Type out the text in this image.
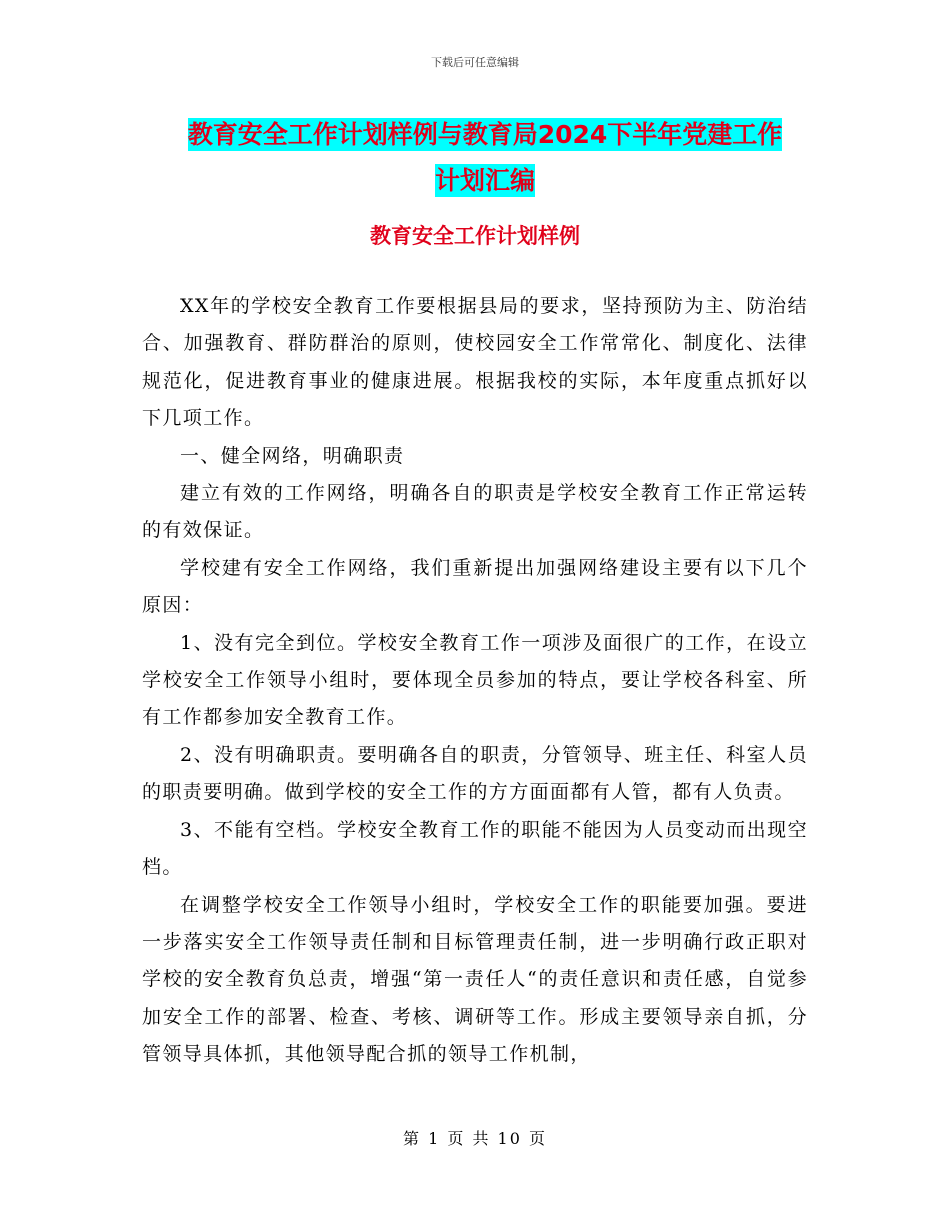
下载后可任意编辑
教育安全工作计划样例与教育局2024下半年党建工作
计划汇编
教育安全工作计划样例

XX年的学校安全教育工作要根据县局的要求，坚持预防为主、防治结合、加强教育、群防群治的原则，使校园安全工作常常化、制度化、法律规范化，促进教育事业的健康进展。根据我校的实际，本年度重点抓好以下几项工作。

一、健全网络，明确职责

建立有效的工作网络，明确各自的职责是学校安全教育工作正常运转的有效保证。

学校建有安全工作网络，我们重新提出加强网络建设主要有以下几个原因：

1、没有完全到位。学校安全教育工作一项涉及面很广的工作，在设立学校安全工作领导小组时，要体现全员参加的特点，要让学校各科室、所有工作都参加安全教育工作。

2、没有明确职责。要明确各自的职责，分管领导、班主任、科室人员的职责要明确。做到学校的安全工作的方方面面都有人管，都有人负责。

3、不能有空档。学校安全教育工作的职能不能因为人员变动而出现空档。

在调整学校安全工作领导小组时，学校安全工作的职能要加强。要进一步落实安全工作领导责任制和目标管理责任制，进一步明确行政正职对学校的安全教育负总责，增强“第一责任人“的责任意识和责任感，自觉参加安全工作的部署、检查、考核、调研等工作。形成主要领导亲自抓，分管领导具体抓，其他领导配合抓的领导工作机制，

第 1 页 共 10 页
